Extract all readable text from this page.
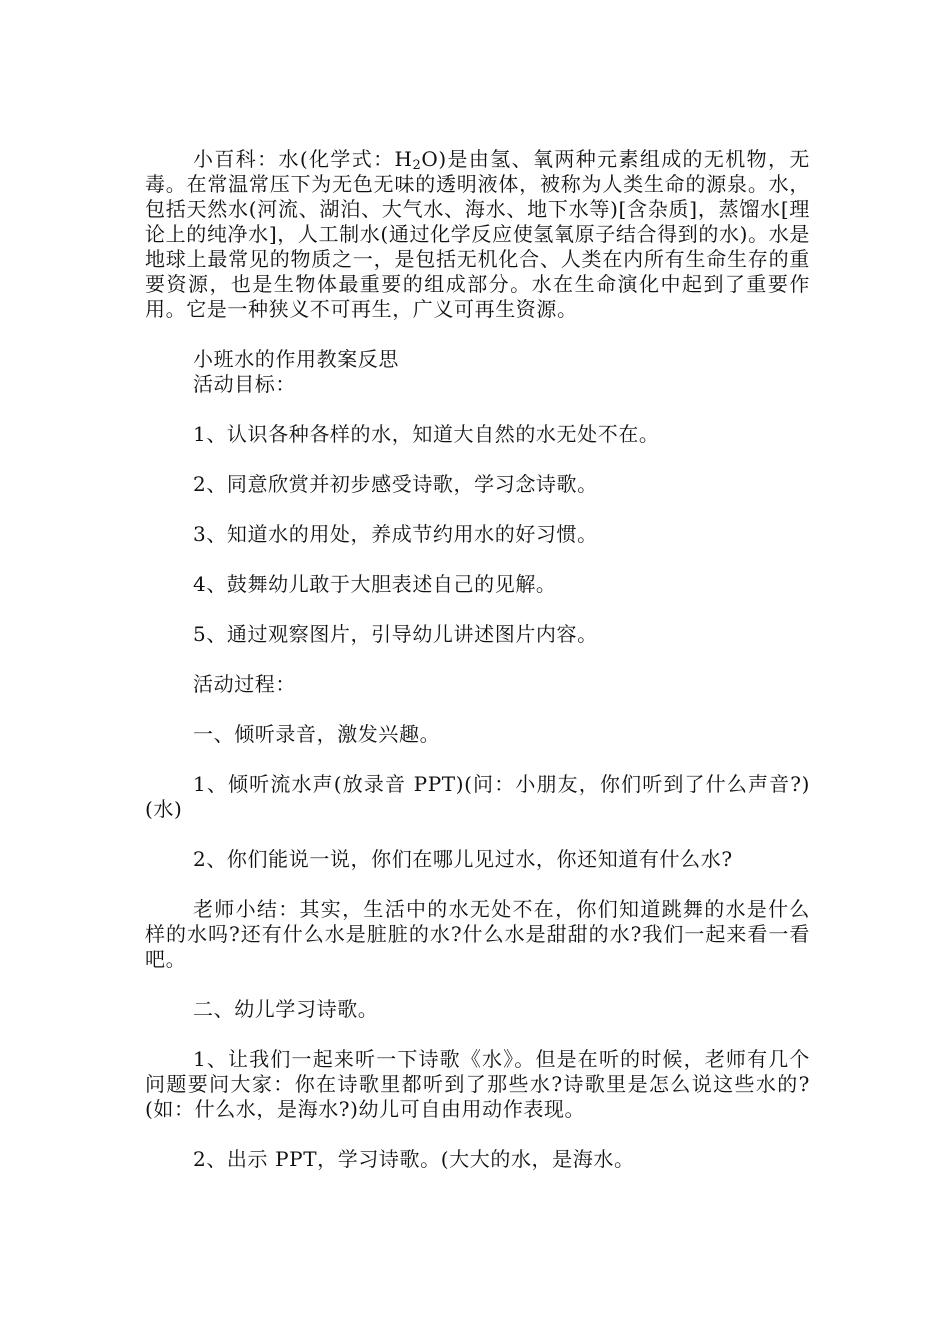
小百科：水(化学式：$H_2O$)是由氢、氧两种元素组成的无机物，无毒。在常温常压下为无色无味的透明液体，被称为人类生命的源泉。水，包括天然水(河流、湖泊、大气水、海水、地下水等)[含杂质]，蒸馏水[理论上的纯净水]，人工制水(通过化学反应使氢氧原子结合得到的水)。水是地球上最常见的物质之一，是包括无机化合、人类在内所有生命生存的重要资源，也是生物体最重要的组成部分。水在生命演化中起到了重要作用。它是一种狭义不可再生，广义可再生资源。

小班水的作用教案反思

活动目标：

1、认识各种各样的水，知道大自然的水无处不在。

2、同意欣赏并初步感受诗歌，学习念诗歌。

3、知道水的用处，养成节约用水的好习惯。

4、鼓舞幼儿敢于大胆表述自己的见解。

5、通过观察图片，引导幼儿讲述图片内容。

活动过程：

一、倾听录音，激发兴趣。

1、倾听流水声(放录音 PPT)(问：小朋友，你们听到了什么声音?)(水)

2、你们能说一说，你们在哪儿见过水，你还知道有什么水?

老师小结：其实，生活中的水无处不在，你们知道跳舞的水是什么样的水吗?还有什么水是脏脏的水?什么水是甜甜的水?我们一起来看一看吧。

二、幼儿学习诗歌。

1、让我们一起来听一下诗歌《水》。但是在听的时候，老师有几个问题要问大家：你在诗歌里都听到了那些水?诗歌里是怎么说这些水的?(如：什么水，是海水?)幼儿可自由用动作表现。

2、出示 PPT，学习诗歌。(大大的水，是海水。
